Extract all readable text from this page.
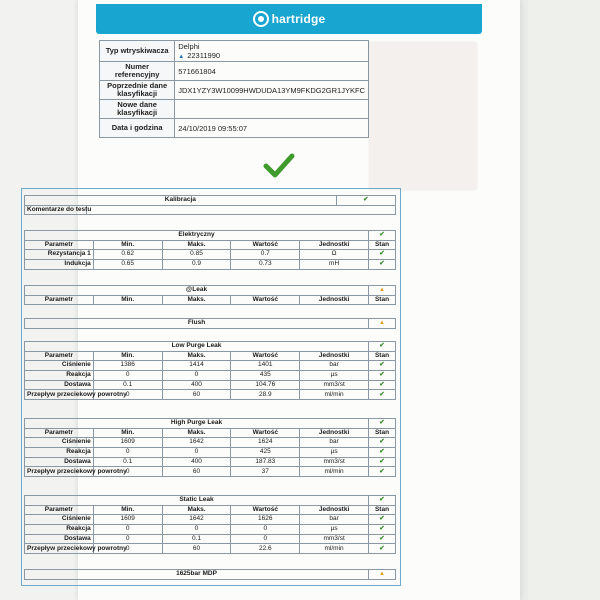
hartridge
Typ wtryskiwacza	Delphi
▲ 22311990

Numer referencyjny	571661804
Poprzednie dane klasyfikacji	JDX1YZY3W10099HWDUDA13YM9FKDG2GR1JYKFC
Nowe dane klasyfikacji	
Data i godzina	24/10/2019 09:55:07
Kalibracja		✔
Komentarze do testu		
Elektryczny					✔
Parametr	Min.	Maks.	Wartość	Jednostki	Stan
Rezystancja 1	0.62	0.85	0.7	Ω	✔
Indukcja	0.65	0.9	0.73	mH	✔
@Leak					▲
Parametr	Min.	Maks.	Wartość	Jednostki	Stan
Flush	▲
Low Purge Leak					✔
Parametr	Min.	Maks.	Wartość	Jednostki	Stan
Ciśnienie	1386	1414	1401	bar	✔
Reakcja	0	0	435	µs	✔
Dostawa	0.1	400	104.76	mm3/st	✔
Przepływ przeciekowy powrotny	0	60	28.9	ml/min	✔
High Purge Leak					✔
Parametr	Min.	Maks.	Wartość	Jednostki	Stan
Ciśnienie	1609	1642	1624	bar	✔
Reakcja	0	0	425	µs	✔
Dostawa	0.1	400	187.83	mm3/st	✔
Przepływ przeciekowy powrotny	0	60	37	ml/min	✔
Static Leak					✔
Parametr	Min.	Maks.	Wartość	Jednostki	Stan
Ciśnienie	1609	1642	1626	bar	✔
Reakcja	0	0	0	µs	✔
Dostawa	0	0.1	0	mm3/st	✔
Przepływ przeciekowy powrotny	0	60	22.6	ml/min	✔
1625bar MDP	▲
